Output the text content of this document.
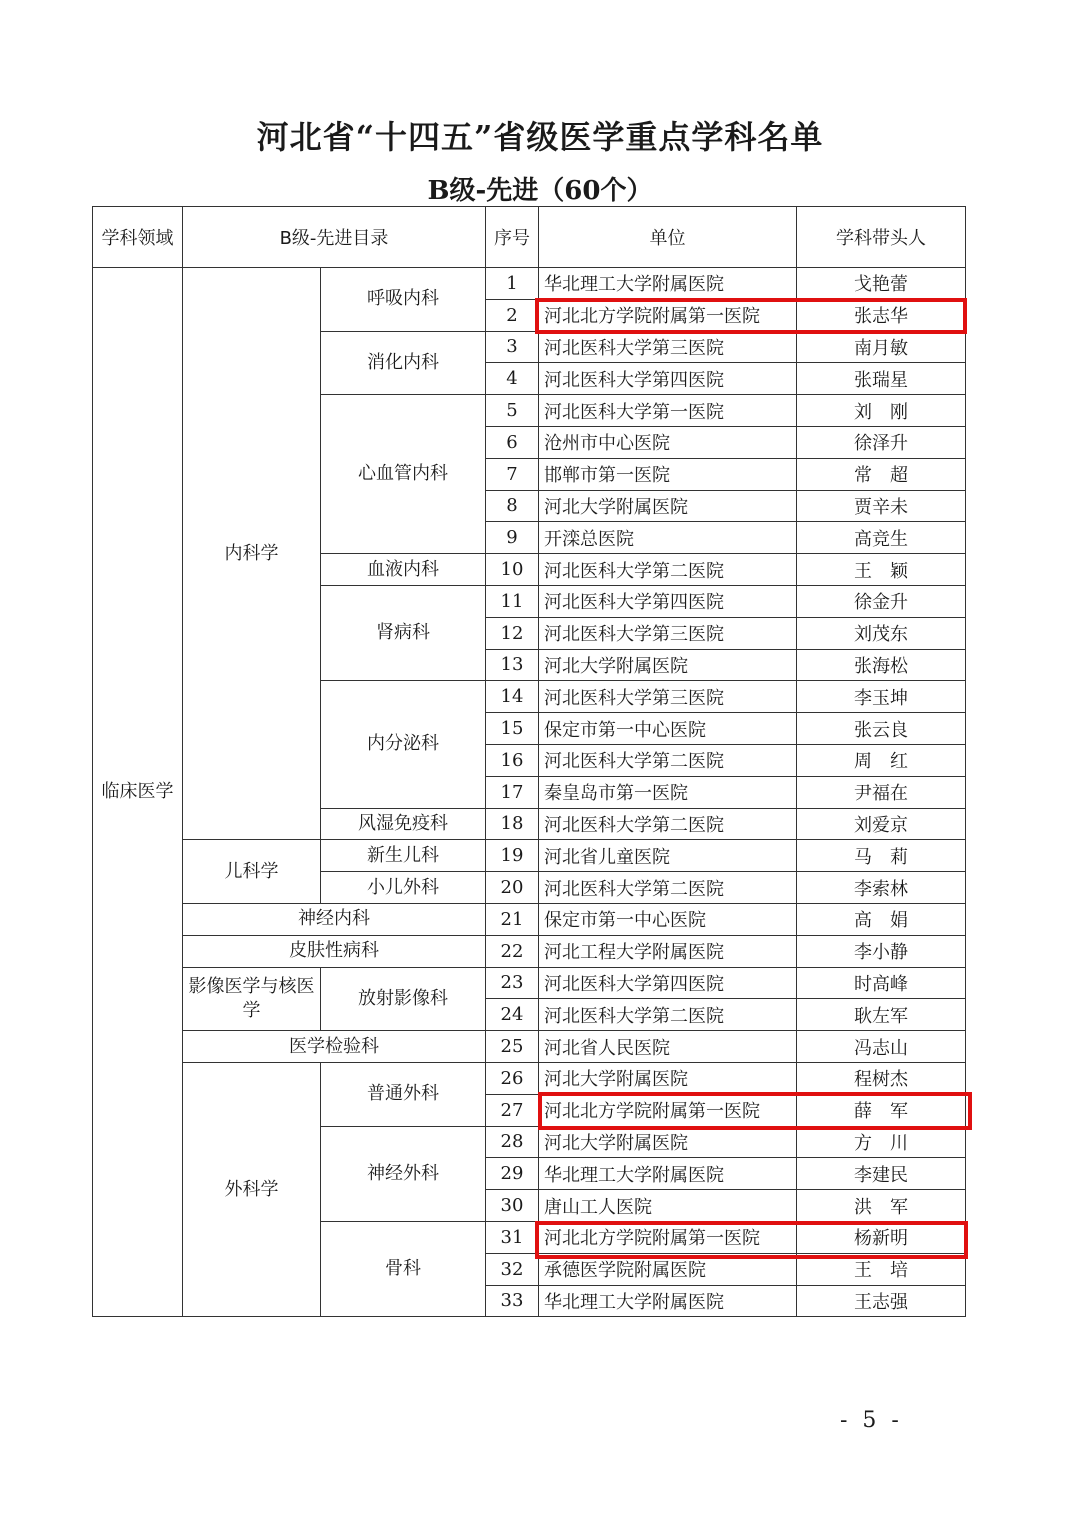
河北省“十四五”省级医学重点学科名单
B级-先进（60个）
学科领域	B级-先进目录		序号	单位	学科带头人
临床医学	内科学	呼吸内科	1	华北理工大学附属医院	戈艳蕾
			2	河北北方学院附属第一医院	张志华
		消化内科	3	河北医科大学第三医院	南月敏
			4	河北医科大学第四医院	张瑞星
		心血管内科	5	河北医科大学第一医院	刘　刚
			6	沧州市中心医院	徐泽升
			7	邯郸市第一医院	常　超
			8	河北大学附属医院	贾辛未
			9	开滦总医院	高竞生
		血液内科	10	河北医科大学第二医院	王　颖
		肾病科	11	河北医科大学第四医院	徐金升
			12	河北医科大学第三医院	刘茂东
			13	河北大学附属医院	张海松
		内分泌科	14	河北医科大学第三医院	李玉坤
			15	保定市第一中心医院	张云良
			16	河北医科大学第二医院	周　红
			17	秦皇岛市第一医院	尹福在
		风湿免疫科	18	河北医科大学第二医院	刘爱京
	儿科学	新生儿科	19	河北省儿童医院	马　莉
		小儿外科	20	河北医科大学第二医院	李索林
	神经内科		21	保定市第一中心医院	高　娟
	皮肤性病科		22	河北工程大学附属医院	李小静
	影像医学与核医学	放射影像科	23	河北医科大学第四医院	时高峰
			24	河北医科大学第二医院	耿左军
	医学检验科		25	河北省人民医院	冯志山
	外科学	普通外科	26	河北大学附属医院	程树杰
			27	河北北方学院附属第一医院	薛　军
		神经外科	28	河北大学附属医院	方　川
			29	华北理工大学附属医院	李建民
			30	唐山工人医院	洪　军
		骨科	31	河北北方学院附属第一医院	杨新明
			32	承德医学院附属医院	王　培
			33	华北理工大学附属医院	王志强
- 5 -
